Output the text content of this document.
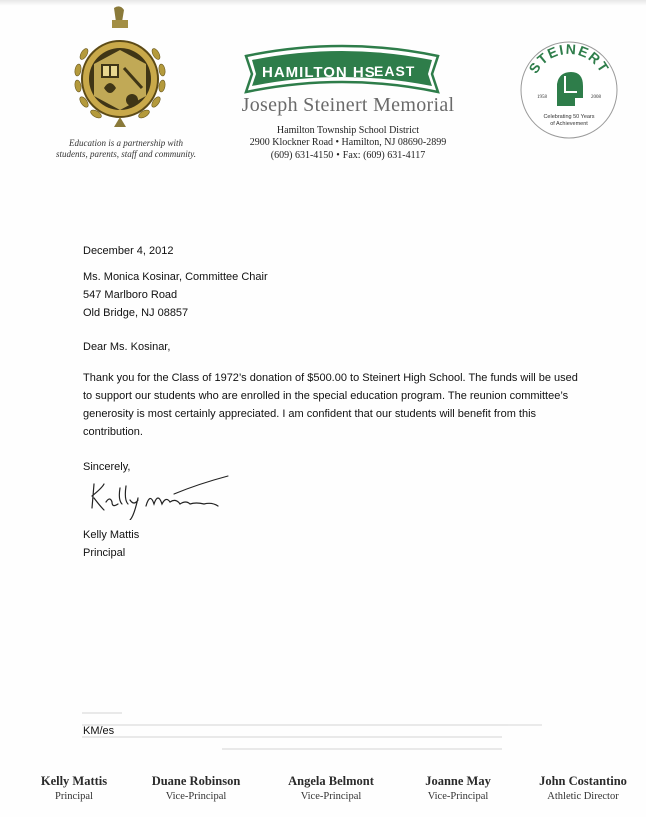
Education is a partnership with
students, parents, staff and community.
HAMILTON HS
EAST
Joseph Steinert Memorial
Hamilton Township School District
2900 Klockner Road • Hamilton, NJ 08690-2899
(609) 631-4150 • Fax: (609) 631-4117
STEINERT
1958	2008
Celebrating 50 Years
of Achievement
December 4, 2012
Ms. Monica Kosinar, Committee Chair
547 Marlboro Road
Old Bridge, NJ 08857
Dear Ms. Kosinar,
Thank you for the Class of 1972’s donation of $500.00 to Steinert High School. The funds will be used to support our students who are enrolled in the special education program. The reunion committee’s generosity is most certainly appreciated. I am confident that our students will benefit from this contribution.
Sincerely,
Kelly Mattis
Principal
KM/es
Kelly Mattis
Principal
Duane Robinson
Vice-Principal
Angela Belmont
Vice-Principal
Joanne May
Vice-Principal
John Costantino
Athletic Director
